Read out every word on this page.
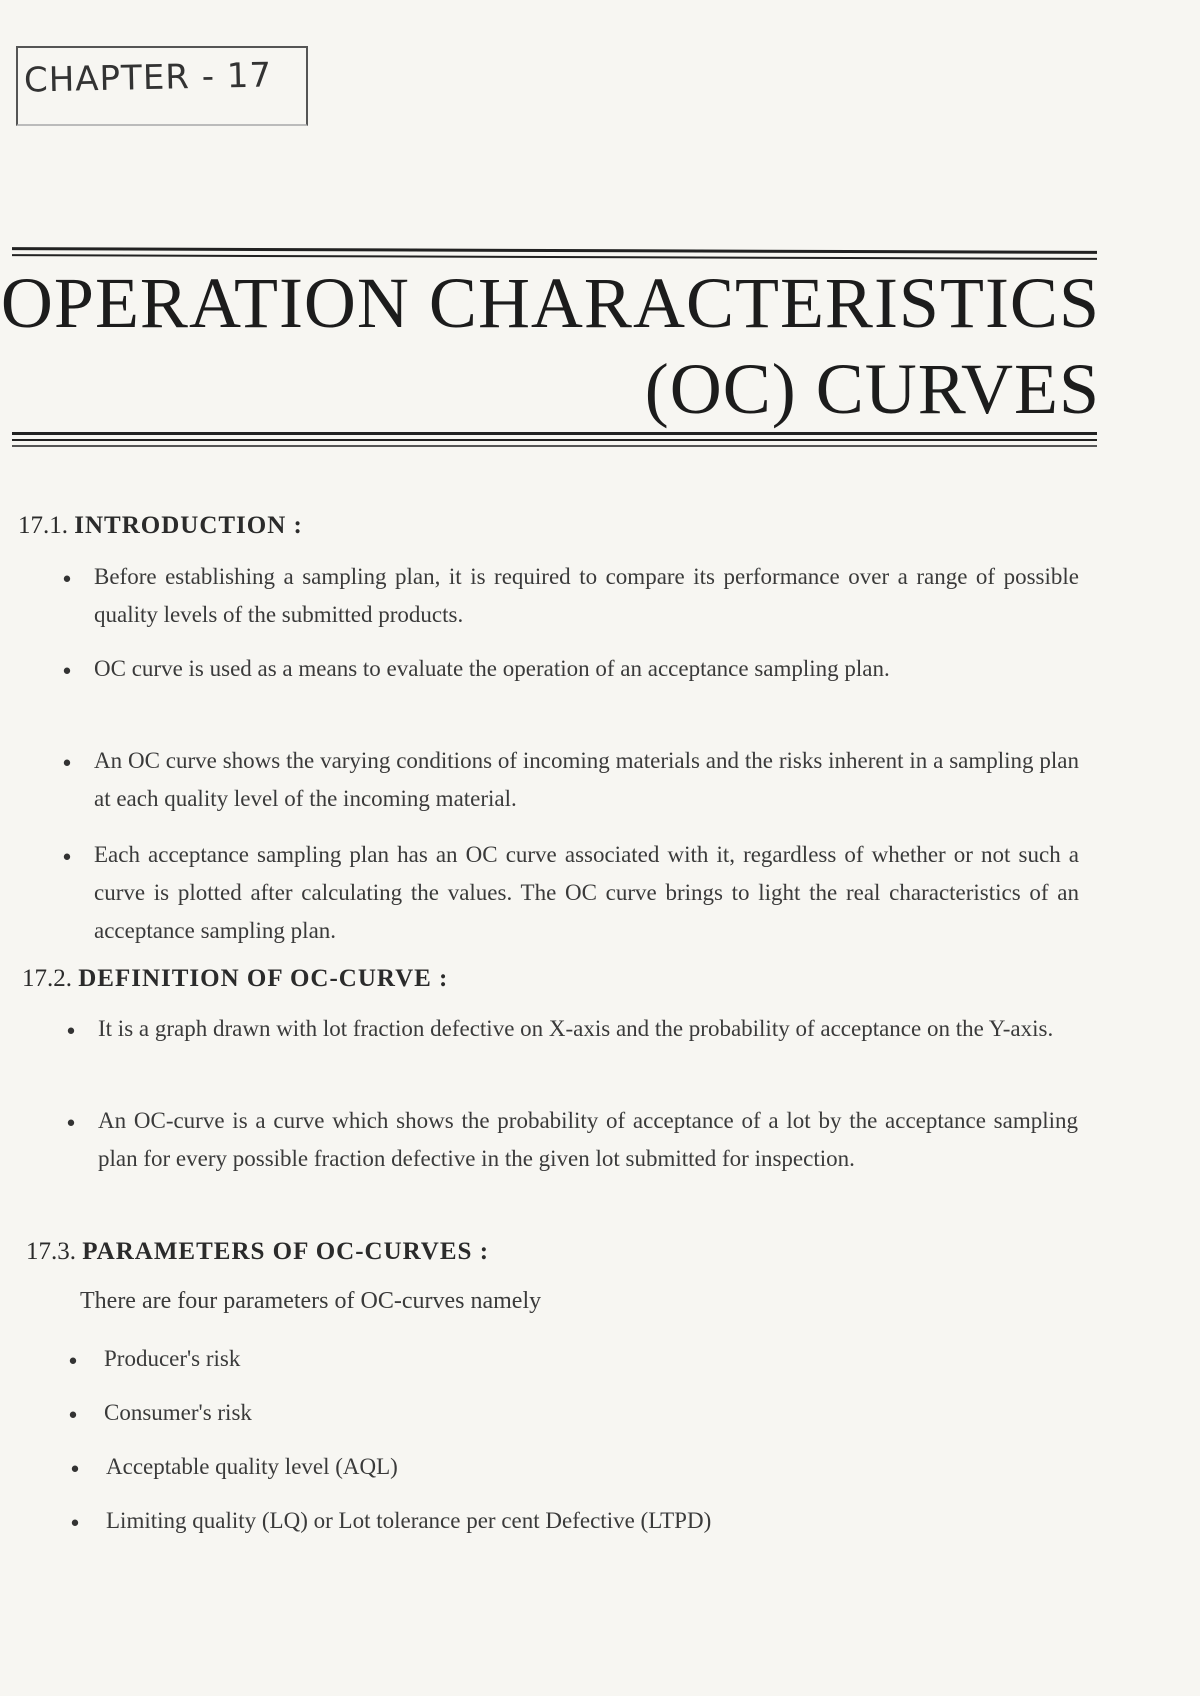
CHAPTER - 17
OPERATION CHARACTERISTICS
(OC) CURVES
17.1. INTRODUCTION :
• Before establishing a sampling plan, it is required to compare its performance over a range of possible quality levels of the submitted products.
• OC curve is used as a means to evaluate the operation of an acceptance sampling plan.
• An OC curve shows the varying conditions of incoming materials and the risks inherent in a sampling plan at each quality level of the incoming material.
• Each acceptance sampling plan has an OC curve associated with it, regardless of whether or not such a curve is plotted after calculating the values. The OC curve brings to light the real characteristics of an acceptance sampling plan.
17.2. DEFINITION OF OC-CURVE :
• It is a graph drawn with lot fraction defective on X-axis and the probability of acceptance on the Y-axis.
• An OC-curve is a curve which shows the probability of acceptance of a lot by the acceptance sampling plan for every possible fraction defective in the given lot submitted for inspection.
17.3. PARAMETERS OF OC-CURVES :
There are four parameters of OC-curves namely
• Producer's risk
• Consumer's risk
• Acceptable quality level (AQL)
• Limiting quality (LQ) or Lot tolerance per cent Defective (LTPD)
